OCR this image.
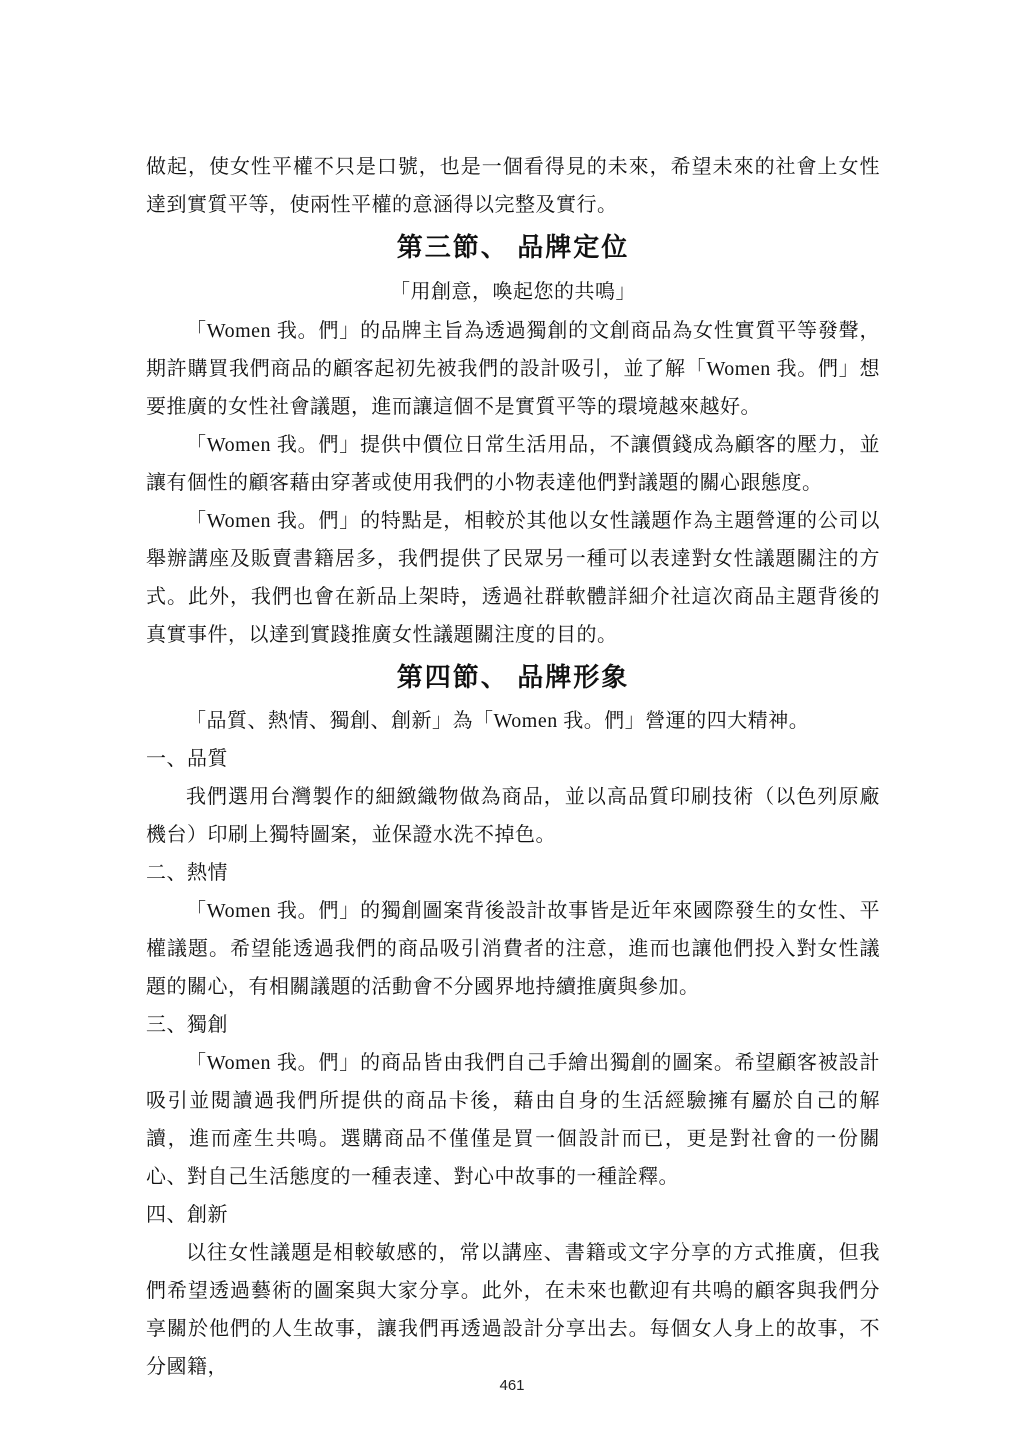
做起，使女性平權不只是口號，也是一個看得見的未來，希望未來的社會上女性達到實質平等，使兩性平權的意涵得以完整及實行。

第三節、 品牌定位

「用創意，喚起您的共鳴」

「Women 我。們」的品牌主旨為透過獨創的文創商品為女性實質平等發聲，期許購買我們商品的顧客起初先被我們的設計吸引，並了解「Women 我。們」想要推廣的女性社會議題，進而讓這個不是實質平等的環境越來越好。

「Women 我。們」提供中價位日常生活用品，不讓價錢成為顧客的壓力，並讓有個性的顧客藉由穿著或使用我們的小物表達他們對議題的關心跟態度。

「Women 我。們」的特點是，相較於其他以女性議題作為主題營運的公司以舉辦講座及販賣書籍居多，我們提供了民眾另一種可以表達對女性議題關注的方式。此外，我們也會在新品上架時，透過社群軟體詳細介社這次商品主題背後的真實事件，以達到實踐推廣女性議題關注度的目的。

第四節、 品牌形象

「品質、熱情、獨創、創新」為「Women 我。們」營運的四大精神。

一、品質

我們選用台灣製作的細緻織物做為商品，並以高品質印刷技術（以色列原廠機台）印刷上獨特圖案，並保證水洗不掉色。

二、熱情

「Women 我。們」的獨創圖案背後設計故事皆是近年來國際發生的女性、平權議題。希望能透過我們的商品吸引消費者的注意，進而也讓他們投入對女性議題的關心，有相關議題的活動會不分國界地持續推廣與參加。

三、獨創

「Women 我。們」的商品皆由我們自己手繪出獨創的圖案。希望顧客被設計吸引並閱讀過我們所提供的商品卡後，藉由自身的生活經驗擁有屬於自己的解讀，進而產生共鳴。選購商品不僅僅是買一個設計而已，更是對社會的一份關心、對自己生活態度的一種表達、對心中故事的一種詮釋。

四、創新

以往女性議題是相較敏感的，常以講座、書籍或文字分享的方式推廣，但我們希望透過藝術的圖案與大家分享。此外，在未來也歡迎有共鳴的顧客與我們分享關於他們的人生故事，讓我們再透過設計分享出去。每個女人身上的故事，不分國籍，

461
